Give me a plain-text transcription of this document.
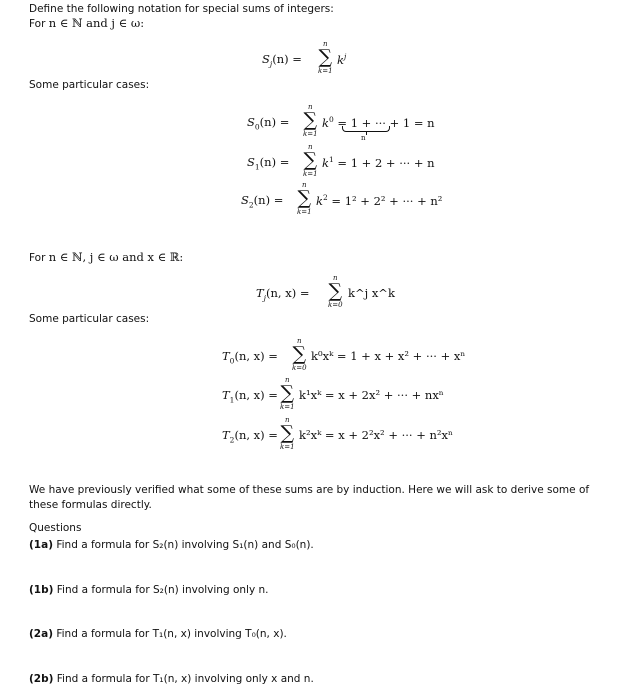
Define the following notation for special sums of integers:
For n ∈ ℕ and j ∈ ω:
$S_j(n)$ =
n
∑
k=1
$k^j$
Some particular cases:
$S_0(n)$ =
n
∑
k=1
$k^0 = 1$ + ··· + 1 = n
n
$S_1(n)$ =
n
∑
k=1
$k^1 = 1 + 2$ + ··· + n
$S_2(n)$ =
n
∑
k=1
$k^2 = 1^2 + 2^2$ + ··· + n²
For n ∈ ℕ, j ∈ ω and x ∈ ℝ:
$T_j(n$, x) =
n
∑
k=0
k^j x^k
Some particular cases:
$T_0(n$, x) =
n
∑
k=0
k⁰xᵏ = 1 + x + x² + ··· + xⁿ
$T_1(n$, x) =
n
∑
k=1
k¹xᵏ = x + 2x² + ··· + nxⁿ
$T_2(n$, x) =
n
∑
k=1
k²xᵏ = x + 2²x² + ··· + n²xⁿ
We have previously verified what some of these sums are by induction. Here we will ask to derive some of these formulas directly.
Questions
(1a) Find a formula for S₂(n) involving S₁(n) and S₀(n).
(1b) Find a formula for S₂(n) involving only n.
(2a) Find a formula for T₁(n, x) involving T₀(n, x).
(2b) Find a formula for T₁(n, x) involving only x and n.
